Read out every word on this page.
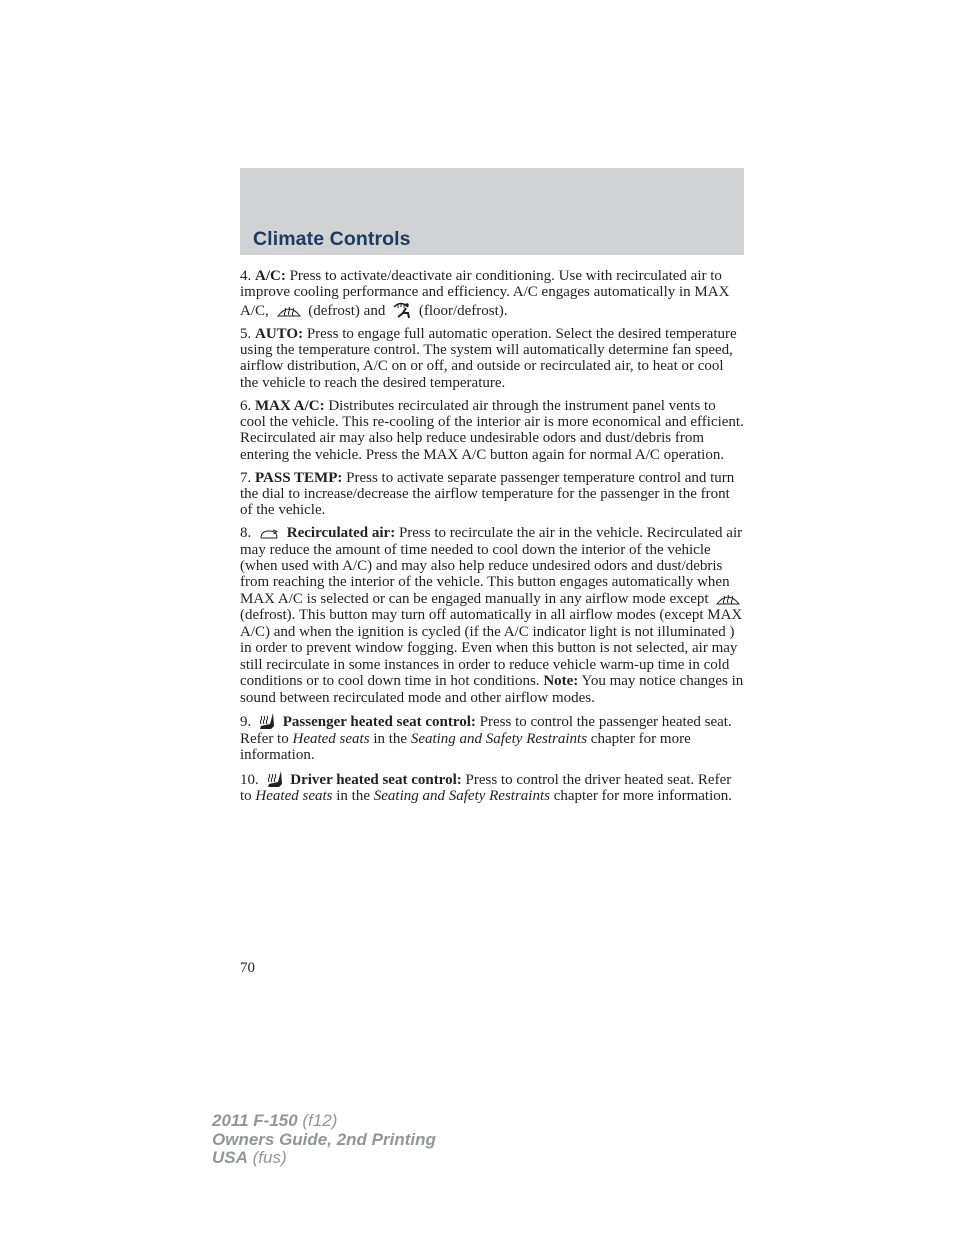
Climate Controls

4. A/C: Press to activate/deactivate air conditioning. Use with recirculated air to improve cooling performance and efficiency. A/C engages automatically in MAX A/C,
(defrost) and (floor/defrost).

5. AUTO: Press to engage full automatic operation. Select the desired temperature using the temperature control. The system will automatically determine fan speed, airflow distribution, A/C on or off, and outside or recirculated air, to heat or cool the vehicle to reach the desired temperature.

6. MAX A/C: Distributes recirculated air through the instrument panel vents to cool the vehicle. This re-cooling of the interior air is more economical and efficient. Recirculated air may also help reduce undesirable odors and dust/debris from entering the vehicle. Press the MAX A/C button again for normal A/C operation.

7. PASS TEMP: Press to activate separate passenger temperature control and turn the dial to increase/decrease the airflow temperature for the passenger in the front of the vehicle.

8. Recirculated air: Press to recirculate the air in the vehicle. Recirculated air may reduce the amount of time needed to cool down the interior of the vehicle (when used with A/C) and may also help reduce undesired odors and dust/debris from reaching the interior of the vehicle. This button engages automatically when MAX A/C is selected or can be engaged manually in any airflow mode except
(defrost). This button may turn off automatically in all airflow modes (except MAX A/C) and when the ignition is cycled (if the A/C indicator light is not illuminated ) in order to prevent window fogging. Even when this button is not selected, air may still recirculate in some instances in order to reduce vehicle warm-up time in cold conditions or to cool down time in hot conditions. Note: You may notice changes in sound between recirculated mode and other airflow modes.

9. Passenger heated seat control: Press to control the passenger heated seat. Refer to Heated seats in the Seating and Safety Restraints chapter for more information.

10. Driver heated seat control: Press to control the driver heated seat. Refer to Heated seats in the Seating and Safety Restraints chapter for more information.

70
2011 F-150 (f12)
Owners Guide, 2nd Printing
USA (fus)
